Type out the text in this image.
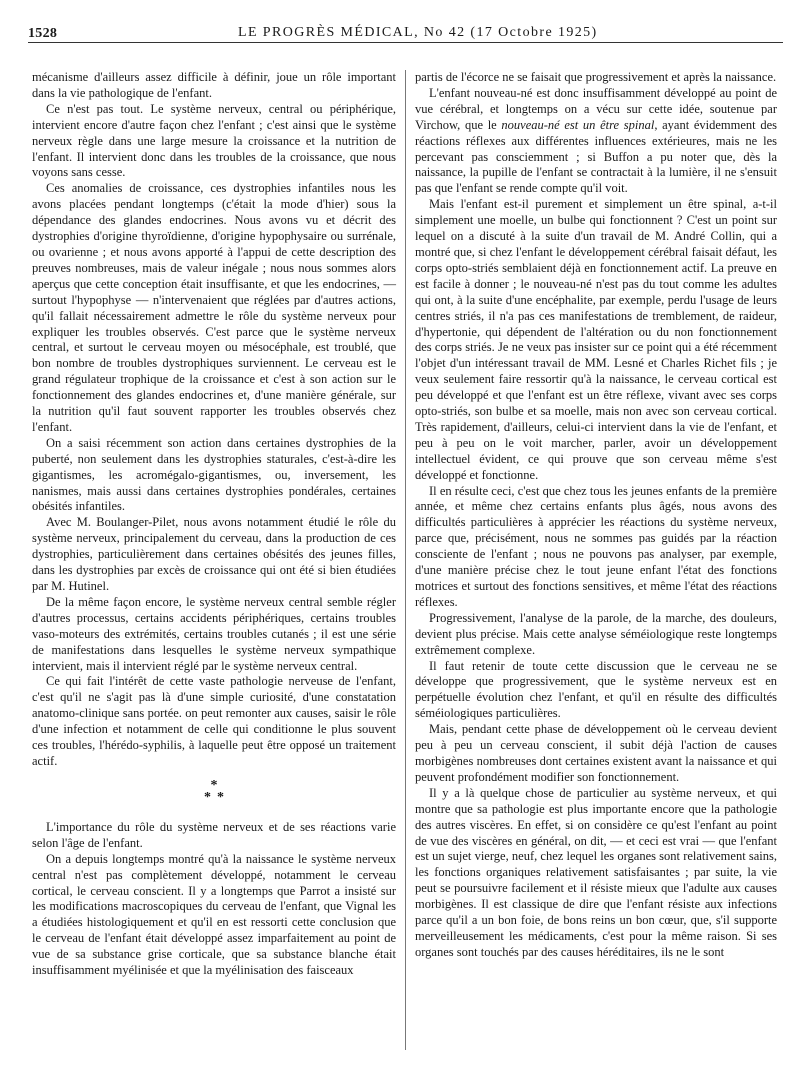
1528	LE PROGRÈS MÉDICAL, No 42 (17 Octobre 1925)

mécanisme d'ailleurs assez difficile à définir, joue un rôle important dans la vie pathologique de l'enfant.

Ce n'est pas tout. Le système nerveux, central ou périphérique, intervient encore d'autre façon chez l'enfant ; c'est ainsi que le système nerveux règle dans une large mesure la croissance et la nutrition de l'enfant. Il intervient donc dans les troubles de la croissance, que nous voyons sans cesse.

Ces anomalies de croissance, ces dystrophies infantiles nous les avons placées pendant longtemps (c'était la mode d'hier) sous la dépendance des glandes endocrines. Nous avons vu et décrit des dystrophies d'origine thyroïdienne, d'origine hypophysaire ou surrénale, ou ovarienne ; et nous avons apporté à l'appui de cette description des preuves nombreuses, mais de valeur inégale ; nous nous sommes alors aperçus que cette conception était insuffisante, et que les endocrines, — surtout l'hypophyse — n'intervenaient que réglées par d'autres actions, qu'il fallait nécessairement admettre le rôle du système nerveux pour expliquer les troubles observés. C'est parce que le système nerveux central, et surtout le cerveau moyen ou mésocéphale, est troublé, que bon nombre de troubles dystrophiques surviennent. Le cerveau est le grand régulateur trophique de la croissance et c'est à son action sur le fonctionnement des glandes endocrines et, d'une manière générale, sur la nutrition qu'il faut souvent rapporter les troubles observés chez l'enfant.

On a saisi récemment son action dans certaines dystrophies de la puberté, non seulement dans les dystrophies staturales, c'est-à-dire les gigantismes, les acromégalo-gigantismes, ou, inversement, les nanismes, mais aussi dans certaines dystrophies pondérales, certaines obésités infantiles.

Avec M. Boulanger-Pilet, nous avons notamment étudié le rôle du système nerveux, principalement du cerveau, dans la production de ces dystrophies, particulièrement dans certaines obésités des jeunes filles, dans les dystrophies par excès de croissance qui ont été si bien étudiées par M. Hutinel.

De la même façon encore, le système nerveux central semble régler d'autres processus, certains accidents périphériques, certains troubles vaso-moteurs des extrémités, certains troubles cutanés ; il est une série de manifestations dans lesquelles le système nerveux sympathique intervient, mais il intervient réglé par le système nerveux central.

Ce qui fait l'intérêt de cette vaste pathologie nerveuse de l'enfant, c'est qu'il ne s'agit pas là d'une simple curiosité, d'une constatation anatomo-clinique sans portée. on peut remonter aux causes, saisir le rôle d'une infection et notamment de celle qui conditionne le plus souvent ces troubles, l'hérédo-syphilis, à laquelle peut être opposé un traitement actif.

*
**

L'importance du rôle du système nerveux et de ses réactions varie selon l'âge de l'enfant.

On a depuis longtemps montré qu'à la naissance le système nerveux central n'est pas complètement développé, notamment le cerveau cortical, le cerveau conscient. Il y a longtemps que Parrot a insisté sur les modifications macroscopiques du cerveau de l'enfant, que Vignal les a étudiées histologiquement et qu'il en est ressorti cette conclusion que le cerveau de l'enfant était développé assez imparfaitement au point de vue de sa substance grise corticale, que sa substance blanche était insuffisamment myélinisée et que la myélinisation des faisceaux

partis de l'écorce ne se faisait que progressivement et après la naissance.

L'enfant nouveau-né est donc insuffisamment développé au point de vue cérébral, et longtemps on a vécu sur cette idée, soutenue par Virchow, que le nouveau-né est un être spinal, ayant évidemment des réactions réflexes aux différentes influences extérieures, mais ne les percevant pas consciemment ; si Buffon a pu noter que, dès la naissance, la pupille de l'enfant se contractait à la lumière, il ne s'ensuit pas que l'enfant se rende compte qu'il voit.

Mais l'enfant est-il purement et simplement un être spinal, a-t-il simplement une moelle, un bulbe qui fonctionnent ? C'est un point sur lequel on a discuté à la suite d'un travail de M. André Collin, qui a montré que, si chez l'enfant le développement cérébral faisait défaut, les corps opto-striés semblaient déjà en fonctionnement actif. La preuve en est facile à donner ; le nouveau-né n'est pas du tout comme les adultes qui ont, à la suite d'une encéphalite, par exemple, perdu l'usage de leurs centres striés, il n'a pas ces manifestations de tremblement, de raideur, d'hypertonie, qui dépendent de l'altération ou du non fonctionnement des corps striés. Je ne veux pas insister sur ce point qui a été récemment l'objet d'un intéressant travail de MM. Lesné et Charles Richet fils ; je veux seulement faire ressortir qu'à la naissance, le cerveau cortical est peu développé et que l'enfant est un être réflexe, vivant avec ses corps opto-striés, son bulbe et sa moelle, mais non avec son cerveau cortical. Très rapidement, d'ailleurs, celui-ci intervient dans la vie de l'enfant, et peu à peu on le voit marcher, parler, avoir un développement intellectuel évident, ce qui prouve que son cerveau même s'est développé et fonctionne.

Il en résulte ceci, c'est que chez tous les jeunes enfants de la première année, et même chez certains enfants plus âgés, nous avons des difficultés particulières à apprécier les réactions du système nerveux, parce que, précisément, nous ne sommes pas guidés par la réaction consciente de l'enfant ; nous ne pouvons pas analyser, par exemple, d'une manière précise chez le tout jeune enfant l'état des fonctions motrices et surtout des fonctions sensitives, et même l'état des réactions réflexes.

Progressivement, l'analyse de la parole, de la marche, des douleurs, devient plus précise. Mais cette analyse séméiologique reste longtemps extrêmement complexe.

Il faut retenir de toute cette discussion que le cerveau ne se développe que progressivement, que le système nerveux est en perpétuelle évolution chez l'enfant, et qu'il en résulte des difficultés séméiologiques particulières.

Mais, pendant cette phase de développement où le cerveau devient peu à peu un cerveau conscient, il subit déjà l'action de causes morbigènes nombreuses dont certaines existent avant la naissance et qui peuvent profondément modifier son fonctionnement.

Il y a là quelque chose de particulier au système nerveux, et qui montre que sa pathologie est plus importante encore que la pathologie des autres viscères. En effet, si on considère ce qu'est l'enfant au point de vue des viscères en général, on dit, — et ceci est vrai — que l'enfant est un sujet vierge, neuf, chez lequel les organes sont relativement sains, les fonctions organiques relativement satisfaisantes ; par suite, la vie peut se poursuivre facilement et il résiste mieux que l'adulte aux causes morbigènes. Il est classique de dire que l'enfant résiste aux infections parce qu'il a un bon foie, de bons reins un bon cœur, que, s'il supporte merveilleusement les médicaments, c'est pour la même raison. Si ses organes sont touchés par des causes héréditaires, ils ne le sont
